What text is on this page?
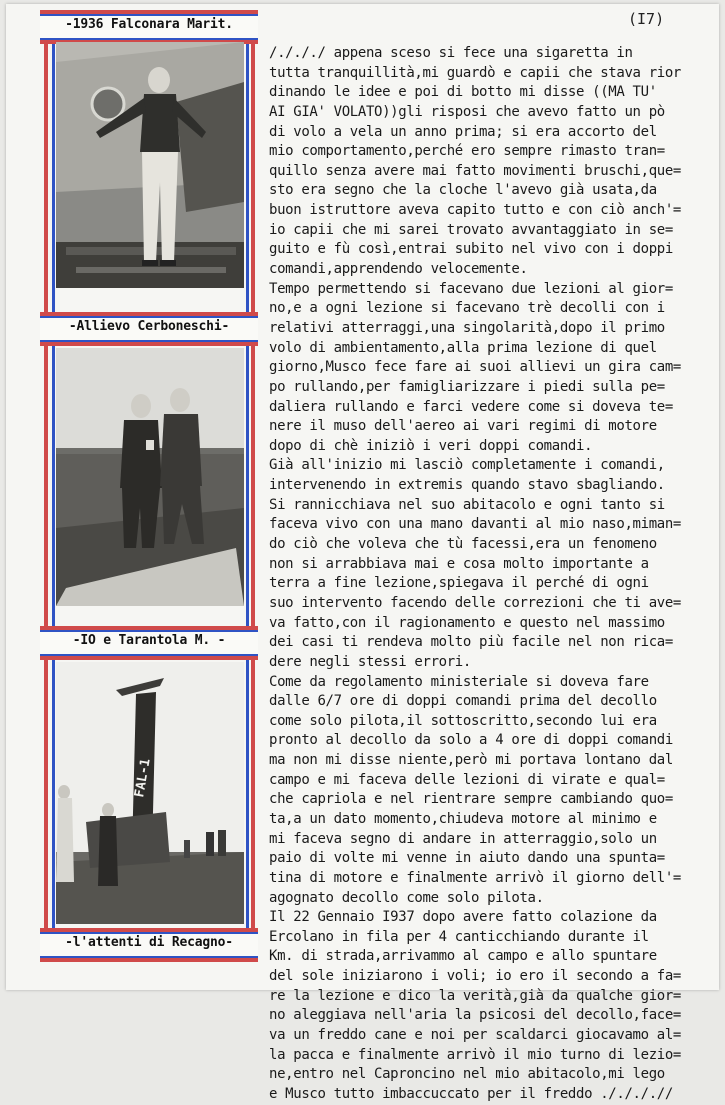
(I7)
-1936 Falconara Marit.
-Allievo Cerboneschi-
-IO e Tarantola M. -
FAL-1
-l'attenti di Recagno-
/./././ appena sceso si fece una sigaretta in
tutta tranquillità,mi guardò e capii che stava rior
dinando le idee e poi di botto mi disse ((MA TU'
AI GIA' VOLATO))gli risposi che avevo fatto un pò
di volo a vela un anno prima; si era accorto del
mio comportamento,perché ero sempre rimasto tran=
quillo senza avere mai fatto movimenti bruschi,que=
sto era segno che la cloche l'avevo già usata,da
buon istruttore aveva capito tutto e con ciò anch'=
io capii che mi sarei trovato avvantaggiato in se=
guito e fù così,entrai subito nel vivo con i doppi
comandi,apprendendo velocemente.
Tempo permettendo si facevano due lezioni al gior=
no,e a ogni lezione si facevano trè decolli con i
relativi atterraggi,una singolarità,dopo il primo
volo di ambientamento,alla prima lezione di quel
giorno,Musco fece fare ai suoi allievi un gira cam=
po rullando,per famigliarizzare i piedi sulla pe=
daliera rullando e farci vedere come si doveva te=
nere il muso dell'aereo ai vari regimi di motore
dopo di chè iniziò i veri doppi comandi.
Già all'inizio mi lasciò completamente i comandi,
intervenendo in extremis quando stavo sbagliando.
Si rannicchiava nel suo abitacolo e ogni tanto si
faceva vivo con una mano davanti al mio naso,miman=
do ciò che voleva che tù facessi,era un fenomeno
non si arrabbiava mai e cosa molto importante a
terra a fine lezione,spiegava il perché di ogni
suo intervento facendo delle correzioni che ti ave=
va fatto,con il ragionamento e questo nel massimo
dei casi ti rendeva molto più facile nel non rica=
dere negli stessi errori.
Come da regolamento ministeriale si doveva fare
dalle 6/7 ore di doppi comandi prima del decollo
come solo pilota,il sottoscritto,secondo lui era
pronto al decollo da solo a 4 ore di doppi comandi
ma non mi disse niente,però mi portava lontano dal
campo e mi faceva delle lezioni di virate e qual=
che capriola e nel rientrare sempre cambiando quo=
ta,a un dato momento,chiudeva motore al minimo e
mi faceva segno di andare in atterraggio,solo un
paio di volte mi venne in aiuto dando una spunta=
tina di motore e finalmente arrivò il giorno dell'=
agognato decollo come solo pilota.
Il 22 Gennaio I937 dopo avere fatto colazione da
Ercolano in fila per 4 canticchiando durante il
Km. di strada,arrivammo al campo e allo spuntare
del sole iniziarono i voli; io ero il secondo a fa=
re la lezione e dico la verità,già da qualche gior=
no aleggiava nell'aria la psicosi del decollo,face=
va un freddo cane e noi per scaldarci giocavamo al=
la pacca e finalmente arrivò il mio turno di lezio=
ne,entro nel Caproncino nel mio abitacolo,mi lego
e Musco tutto imbaccuccato per il freddo ././././/
